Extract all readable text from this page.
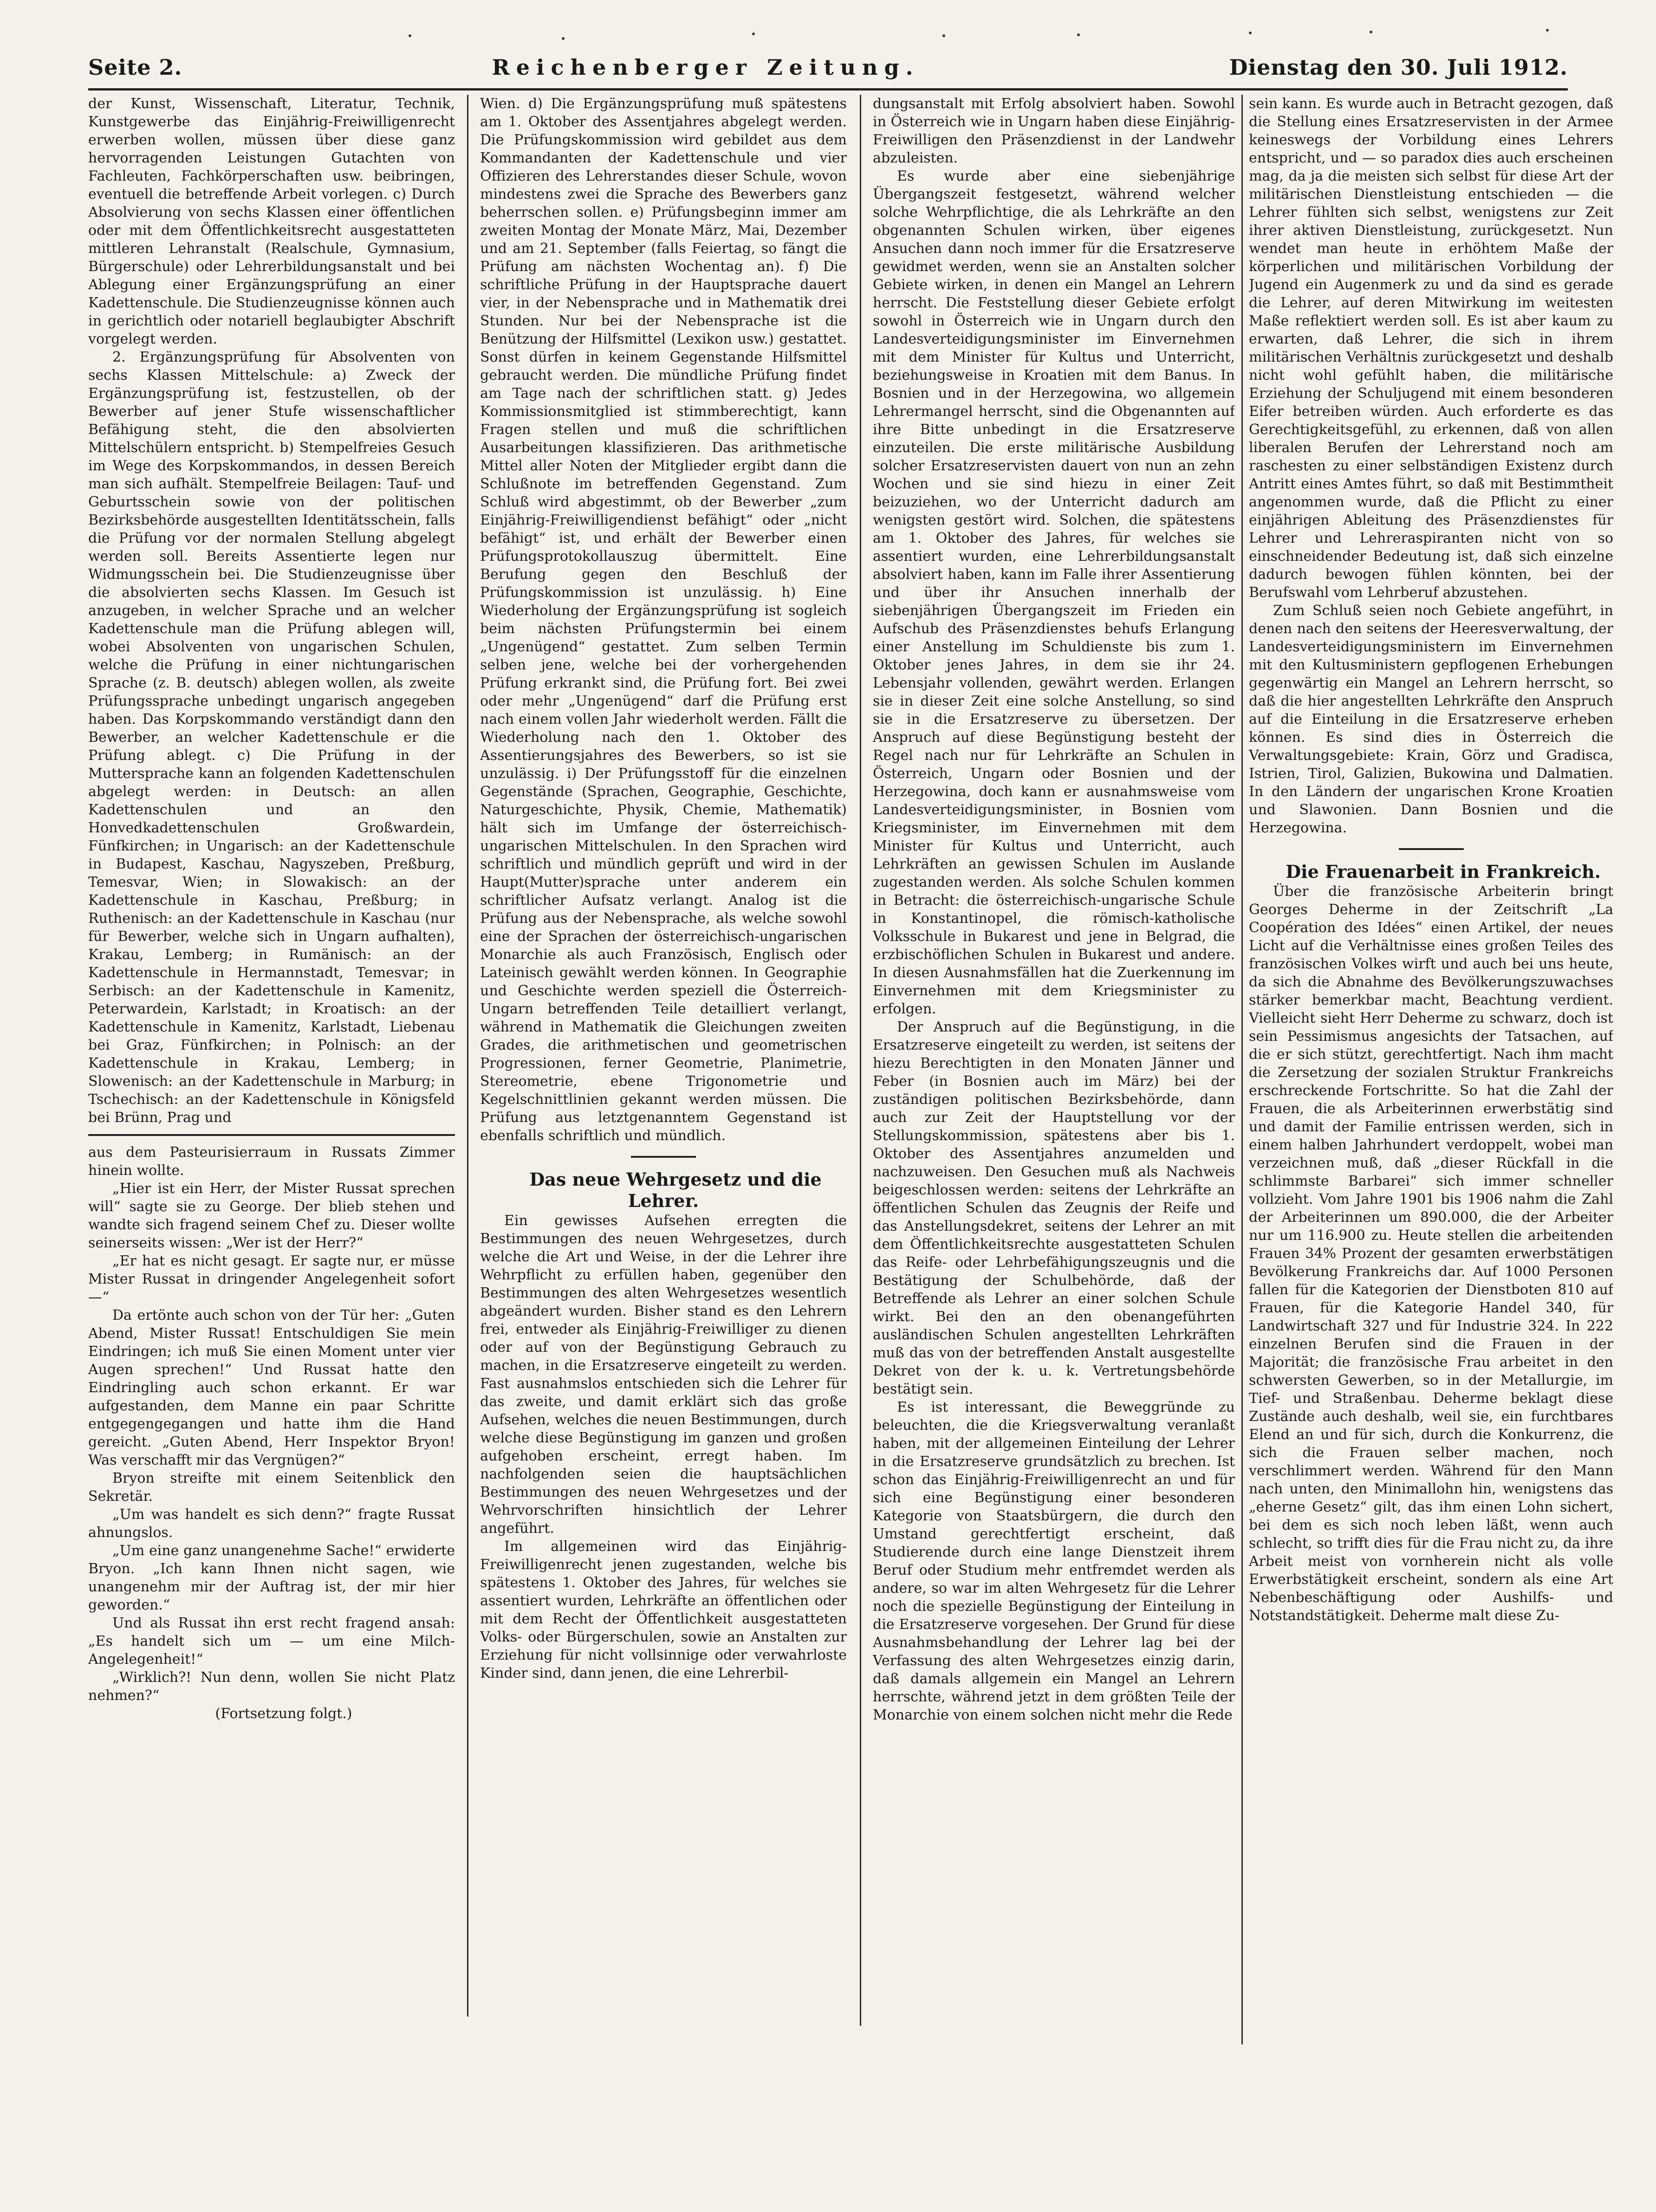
Seite 2.	Reichenberger Zeitung.	Dienstag den 30. Juli 1912.

der Kunst, Wissenschaft, Literatur, Technik, Kunstgewerbe das Einjährig-Freiwilligenrecht erwerben wollen, müssen über diese ganz hervorragenden Leistungen Gutachten von Fachleuten, Fachkörperschaften usw. beibringen, eventuell die betreffende Arbeit vorlegen. c) Durch Absolvierung von sechs Klassen einer öffentlichen oder mit dem Öffentlichkeitsrecht ausgestatteten mittleren Lehranstalt (Realschule, Gymnasium, Bürgerschule) oder Lehrerbildungsanstalt und bei Ablegung einer Ergänzungsprüfung an einer Kadettenschule. Die Studienzeugnisse können auch in gerichtlich oder notariell beglaubigter Abschrift vorgelegt werden.

2. Ergänzungsprüfung für Absolventen von sechs Klassen Mittelschule: a) Zweck der Ergänzungsprüfung ist, festzustellen, ob der Bewerber auf jener Stufe wissenschaftlicher Befähigung steht, die den absolvierten Mittelschülern entspricht. b) Stempelfreies Gesuch im Wege des Korpskommandos, in dessen Bereich man sich aufhält. Stempelfreie Beilagen: Tauf- und Geburtsschein sowie von der politischen Bezirksbehörde ausgestellten Identitätsschein, falls die Prüfung vor der normalen Stellung abgelegt werden soll. Bereits Assentierte legen nur Widmungsschein bei. Die Studienzeugnisse über die absolvierten sechs Klassen. Im Gesuch ist anzugeben, in welcher Sprache und an welcher Kadettenschule man die Prüfung ablegen will, wobei Absolventen von ungarischen Schulen, welche die Prüfung in einer nichtungarischen Sprache (z. B. deutsch) ablegen wollen, als zweite Prüfungssprache unbedingt ungarisch angegeben haben. Das Korpskommando verständigt dann den Bewerber, an welcher Kadettenschule er die Prüfung ablegt. c) Die Prüfung in der Muttersprache kann an folgenden Kadettenschulen abgelegt werden: in Deutsch: an allen Kadettenschulen und an den Honvedkadettenschulen Großwardein, Fünfkirchen; in Ungarisch: an der Kadettenschule in Budapest, Kaschau, Nagyszeben, Preßburg, Temesvar, Wien; in Slowakisch: an der Kadettenschule in Kaschau, Preßburg; in Ruthenisch: an der Kadettenschule in Kaschau (nur für Bewerber, welche sich in Ungarn aufhalten), Krakau, Lemberg; in Rumänisch: an der Kadettenschule in Hermannstadt, Temesvar; in Serbisch: an der Kadettenschule in Kamenitz, Peterwardein, Karlstadt; in Kroatisch: an der Kadettenschule in Kamenitz, Karlstadt, Liebenau bei Graz, Fünfkirchen; in Polnisch: an der Kadettenschule in Krakau, Lemberg; in Slowenisch: an der Kadettenschule in Marburg; in Tschechisch: an der Kadettenschule in Königsfeld bei Brünn, Prag und

aus dem Pasteurisierraum in Russats Zimmer hinein wollte.

„Hier ist ein Herr, der Mister Russat sprechen will“ sagte sie zu George. Der blieb stehen und wandte sich fragend seinem Chef zu. Dieser wollte seinerseits wissen: „Wer ist der Herr?“

„Er hat es nicht gesagt. Er sagte nur, er müsse Mister Russat in dringender Angelegenheit sofort —“

Da ertönte auch schon von der Tür her: „Guten Abend, Mister Russat! Entschuldigen Sie mein Eindringen; ich muß Sie einen Moment unter vier Augen sprechen!“ Und Russat hatte den Eindringling auch schon erkannt. Er war aufgestanden, dem Manne ein paar Schritte entgegengegangen und hatte ihm die Hand gereicht. „Guten Abend, Herr Inspektor Bryon! Was verschafft mir das Vergnügen?“

Bryon streifte mit einem Seitenblick den Sekretär.

„Um was handelt es sich denn?“ fragte Russat ahnungslos.

„Um eine ganz unangenehme Sache!“ erwiderte Bryon. „Ich kann Ihnen nicht sagen, wie unangenehm mir der Auftrag ist, der mir hier geworden.“

Und als Russat ihn erst recht fragend ansah: „Es handelt sich um — um eine Milch-Angelegenheit!“

„Wirklich?! Nun denn, wollen Sie nicht Platz nehmen?“

(Fortsetzung folgt.)

Wien. d) Die Ergänzungsprüfung muß spätestens am 1. Oktober des Assentjahres abgelegt werden. Die Prüfungskommission wird gebildet aus dem Kommandanten der Kadettenschule und vier Offizieren des Lehrerstandes dieser Schule, wovon mindestens zwei die Sprache des Bewerbers ganz beherrschen sollen. e) Prüfungsbeginn immer am zweiten Montag der Monate März, Mai, Dezember und am 21. September (falls Feiertag, so fängt die Prüfung am nächsten Wochentag an). f) Die schriftliche Prüfung in der Hauptsprache dauert vier, in der Nebensprache und in Mathematik drei Stunden. Nur bei der Nebensprache ist die Benützung der Hilfsmittel (Lexikon usw.) gestattet. Sonst dürfen in keinem Gegenstande Hilfsmittel gebraucht werden. Die mündliche Prüfung findet am Tage nach der schriftlichen statt. g) Jedes Kommissionsmitglied ist stimmberechtigt, kann Fragen stellen und muß die schriftlichen Ausarbeitungen klassifizieren. Das arithmetische Mittel aller Noten der Mitglieder ergibt dann die Schlußnote im betreffenden Gegenstand. Zum Schluß wird abgestimmt, ob der Bewerber „zum Einjährig-Freiwilligendienst befähigt“ oder „nicht befähigt“ ist, und erhält der Bewerber einen Prüfungsprotokollauszug übermittelt. Eine Berufung gegen den Beschluß der Prüfungskommission ist unzulässig. h) Eine Wiederholung der Ergänzungsprüfung ist sogleich beim nächsten Prüfungstermin bei einem „Ungenügend“ gestattet. Zum selben Termin selben jene, welche bei der vorhergehenden Prüfung erkrankt sind, die Prüfung fort. Bei zwei oder mehr „Ungenügend“ darf die Prüfung erst nach einem vollen Jahr wiederholt werden. Fällt die Wiederholung nach den 1. Oktober des Assentierungsjahres des Bewerbers, so ist sie unzulässig. i) Der Prüfungsstoff für die einzelnen Gegenstände (Sprachen, Geographie, Geschichte, Naturgeschichte, Physik, Chemie, Mathematik) hält sich im Umfange der österreichisch-ungarischen Mittelschulen. In den Sprachen wird schriftlich und mündlich geprüft und wird in der Haupt(Mutter)sprache unter anderem ein schriftlicher Aufsatz verlangt. Analog ist die Prüfung aus der Nebensprache, als welche sowohl eine der Sprachen der österreichisch-ungarischen Monarchie als auch Französisch, Englisch oder Lateinisch gewählt werden können. In Geographie und Geschichte werden speziell die Österreich-Ungarn betreffenden Teile detailliert verlangt, während in Mathematik die Gleichungen zweiten Grades, die arithmetischen und geometrischen Progressionen, ferner Geometrie, Planimetrie, Stereometrie, ebene Trigonometrie und Kegelschnittlinien gekannt werden müssen. Die Prüfung aus letztgenanntem Gegenstand ist ebenfalls schriftlich und mündlich.

Das neue Wehrgesetz und die Lehrer.

Ein gewisses Aufsehen erregten die Bestimmungen des neuen Wehrgesetzes, durch welche die Art und Weise, in der die Lehrer ihre Wehrpflicht zu erfüllen haben, gegenüber den Bestimmungen des alten Wehrgesetzes wesentlich abgeändert wurden. Bisher stand es den Lehrern frei, entweder als Einjährig-Freiwilliger zu dienen oder auf von der Begünstigung Gebrauch zu machen, in die Ersatzreserve eingeteilt zu werden. Fast ausnahmslos entschieden sich die Lehrer für das zweite, und damit erklärt sich das große Aufsehen, welches die neuen Bestimmungen, durch welche diese Begünstigung im ganzen und großen aufgehoben erscheint, erregt haben. Im nachfolgenden seien die hauptsächlichen Bestimmungen des neuen Wehrgesetzes und der Wehrvorschriften hinsichtlich der Lehrer angeführt.

Im allgemeinen wird das Einjährig-Freiwilligenrecht jenen zugestanden, welche bis spätestens 1. Oktober des Jahres, für welches sie assentiert wurden, Lehrkräfte an öffentlichen oder mit dem Recht der Öffentlichkeit ausgestatteten Volks- oder Bürgerschulen, sowie an Anstalten zur Erziehung für nicht vollsinnige oder verwahrloste Kinder sind, dann jenen, die eine Lehrerbil-

dungsanstalt mit Erfolg absolviert haben. Sowohl in Österreich wie in Ungarn haben diese Einjährig-Freiwilligen den Präsenzdienst in der Landwehr abzuleisten.

Es wurde aber eine siebenjährige Übergangszeit festgesetzt, während welcher solche Wehrpflichtige, die als Lehrkräfte an den obgenannten Schulen wirken, über eigenes Ansuchen dann noch immer für die Ersatzreserve gewidmet werden, wenn sie an Anstalten solcher Gebiete wirken, in denen ein Mangel an Lehrern herrscht. Die Feststellung dieser Gebiete erfolgt sowohl in Österreich wie in Ungarn durch den Landesverteidigungsminister im Einvernehmen mit dem Minister für Kultus und Unterricht, beziehungsweise in Kroatien mit dem Banus. In Bosnien und in der Herzegowina, wo allgemein Lehrermangel herrscht, sind die Obgenannten auf ihre Bitte unbedingt in die Ersatzreserve einzuteilen. Die erste militärische Ausbildung solcher Ersatzreservisten dauert von nun an zehn Wochen und sie sind hiezu in einer Zeit beizuziehen, wo der Unterricht dadurch am wenigsten gestört wird. Solchen, die spätestens am 1. Oktober des Jahres, für welches sie assentiert wurden, eine Lehrerbildungsanstalt absolviert haben, kann im Falle ihrer Assentierung und über ihr Ansuchen innerhalb der siebenjährigen Übergangszeit im Frieden ein Aufschub des Präsenzdienstes behufs Erlangung einer Anstellung im Schuldienste bis zum 1. Oktober jenes Jahres, in dem sie ihr 24. Lebensjahr vollenden, gewährt werden. Erlangen sie in dieser Zeit eine solche Anstellung, so sind sie in die Ersatzreserve zu übersetzen. Der Anspruch auf diese Begünstigung besteht der Regel nach nur für Lehrkräfte an Schulen in Österreich, Ungarn oder Bosnien und der Herzegowina, doch kann er ausnahmsweise vom Landesverteidigungsminister, in Bosnien vom Kriegsminister, im Einvernehmen mit dem Minister für Kultus und Unterricht, auch Lehrkräften an gewissen Schulen im Auslande zugestanden werden. Als solche Schulen kommen in Betracht: die österreichisch-ungarische Schule in Konstantinopel, die römisch-katholische Volksschule in Bukarest und jene in Belgrad, die erzbischöflichen Schulen in Bukarest und andere. In diesen Ausnahmsfällen hat die Zuerkennung im Einvernehmen mit dem Kriegsminister zu erfolgen.

Der Anspruch auf die Begünstigung, in die Ersatzreserve eingeteilt zu werden, ist seitens der hiezu Berechtigten in den Monaten Jänner und Feber (in Bosnien auch im März) bei der zuständigen politischen Bezirksbehörde, dann auch zur Zeit der Hauptstellung vor der Stellungskommission, spätestens aber bis 1. Oktober des Assentjahres anzumelden und nachzuweisen. Den Gesuchen muß als Nachweis beigeschlossen werden: seitens der Lehrkräfte an öffentlichen Schulen das Zeugnis der Reife und das Anstellungsdekret, seitens der Lehrer an mit dem Öffentlichkeitsrechte ausgestatteten Schulen das Reife- oder Lehrbefähigungszeugnis und die Bestätigung der Schulbehörde, daß der Betreffende als Lehrer an einer solchen Schule wirkt. Bei den an den obenangeführten ausländischen Schulen angestellten Lehrkräften muß das von der betreffenden Anstalt ausgestellte Dekret von der k. u. k. Vertretungsbehörde bestätigt sein.

Es ist interessant, die Beweggründe zu beleuchten, die die Kriegsverwaltung veranlaßt haben, mit der allgemeinen Einteilung der Lehrer in die Ersatzreserve grundsätzlich zu brechen. Ist schon das Einjährig-Freiwilligenrecht an und für sich eine Begünstigung einer besonderen Kategorie von Staatsbürgern, die durch den Umstand gerechtfertigt erscheint, daß Studierende durch eine lange Dienstzeit ihrem Beruf oder Studium mehr entfremdet werden als andere, so war im alten Wehrgesetz für die Lehrer noch die spezielle Begünstigung der Einteilung in die Ersatzreserve vorgesehen. Der Grund für diese Ausnahmsbehandlung der Lehrer lag bei der Verfassung des alten Wehrgesetzes einzig darin, daß damals allgemein ein Mangel an Lehrern herrschte, während jetzt in dem größten Teile der Monarchie von einem solchen nicht mehr die Rede

sein kann. Es wurde auch in Betracht gezogen, daß die Stellung eines Ersatzreservisten in der Armee keineswegs der Vorbildung eines Lehrers entspricht, und — so paradox dies auch erscheinen mag, da ja die meisten sich selbst für diese Art der militärischen Dienstleistung entschieden — die Lehrer fühlten sich selbst, wenigstens zur Zeit ihrer aktiven Dienstleistung, zurückgesetzt. Nun wendet man heute in erhöhtem Maße der körperlichen und militärischen Vorbildung der Jugend ein Augenmerk zu und da sind es gerade die Lehrer, auf deren Mitwirkung im weitesten Maße reflektiert werden soll. Es ist aber kaum zu erwarten, daß Lehrer, die sich in ihrem militärischen Verhältnis zurückgesetzt und deshalb nicht wohl gefühlt haben, die militärische Erziehung der Schuljugend mit einem besonderen Eifer betreiben würden. Auch erforderte es das Gerechtigkeitsgefühl, zu erkennen, daß von allen liberalen Berufen der Lehrerstand noch am raschesten zu einer selbständigen Existenz durch Antritt eines Amtes führt, so daß mit Bestimmtheit angenommen wurde, daß die Pflicht zu einer einjährigen Ableitung des Präsenzdienstes für Lehrer und Lehreraspiranten nicht von so einschneidender Bedeutung ist, daß sich einzelne dadurch bewogen fühlen könnten, bei der Berufswahl vom Lehrberuf abzustehen.

Zum Schluß seien noch Gebiete angeführt, in denen nach den seitens der Heeresverwaltung, der Landesverteidigungsministern im Einvernehmen mit den Kultusministern gepflogenen Erhebungen gegenwärtig ein Mangel an Lehrern herrscht, so daß die hier angestellten Lehrkräfte den Anspruch auf die Einteilung in die Ersatzreserve erheben können. Es sind dies in Österreich die Verwaltungsgebiete: Krain, Görz und Gradisca, Istrien, Tirol, Galizien, Bukowina und Dalmatien. In den Ländern der ungarischen Krone Kroatien und Slawonien. Dann Bosnien und die Herzegowina.

Die Frauenarbeit in Frankreich.

Über die französische Arbeiterin bringt Georges Deherme in der Zeitschrift „La Coopération des Idées“ einen Artikel, der neues Licht auf die Verhältnisse eines großen Teiles des französischen Volkes wirft und auch bei uns heute, da sich die Abnahme des Bevölkerungszuwachses stärker bemerkbar macht, Beachtung verdient. Vielleicht sieht Herr Deherme zu schwarz, doch ist sein Pessimismus angesichts der Tatsachen, auf die er sich stützt, gerechtfertigt. Nach ihm macht die Zersetzung der sozialen Struktur Frankreichs erschreckende Fortschritte. So hat die Zahl der Frauen, die als Arbeiterinnen erwerbstätig sind und damit der Familie entrissen werden, sich in einem halben Jahrhundert verdoppelt, wobei man verzeichnen muß, daß „dieser Rückfall in die schlimmste Barbarei“ sich immer schneller vollzieht. Vom Jahre 1901 bis 1906 nahm die Zahl der Arbeiterinnen um 890.000, die der Arbeiter nur um 116.900 zu. Heute stellen die arbeitenden Frauen 34% Prozent der gesamten erwerbstätigen Bevölkerung Frankreichs dar. Auf 1000 Personen fallen für die Kategorien der Dienstboten 810 auf Frauen, für die Kategorie Handel 340, für Landwirtschaft 327 und für Industrie 324. In 222 einzelnen Berufen sind die Frauen in der Majorität; die französische Frau arbeitet in den schwersten Gewerben, so in der Metallurgie, im Tief- und Straßenbau. Deherme beklagt diese Zustände auch deshalb, weil sie, ein furchtbares Elend an und für sich, durch die Konkurrenz, die sich die Frauen selber machen, noch verschlimmert werden. Während für den Mann nach unten, den Minimallohn hin, wenigstens das „eherne Gesetz“ gilt, das ihm einen Lohn sichert, bei dem es sich noch leben läßt, wenn auch schlecht, so trifft dies für die Frau nicht zu, da ihre Arbeit meist von vornherein nicht als volle Erwerbstätigkeit erscheint, sondern als eine Art Nebenbeschäftigung oder Aushilfs- und Notstandstätigkeit. Deherme malt diese Zu-
